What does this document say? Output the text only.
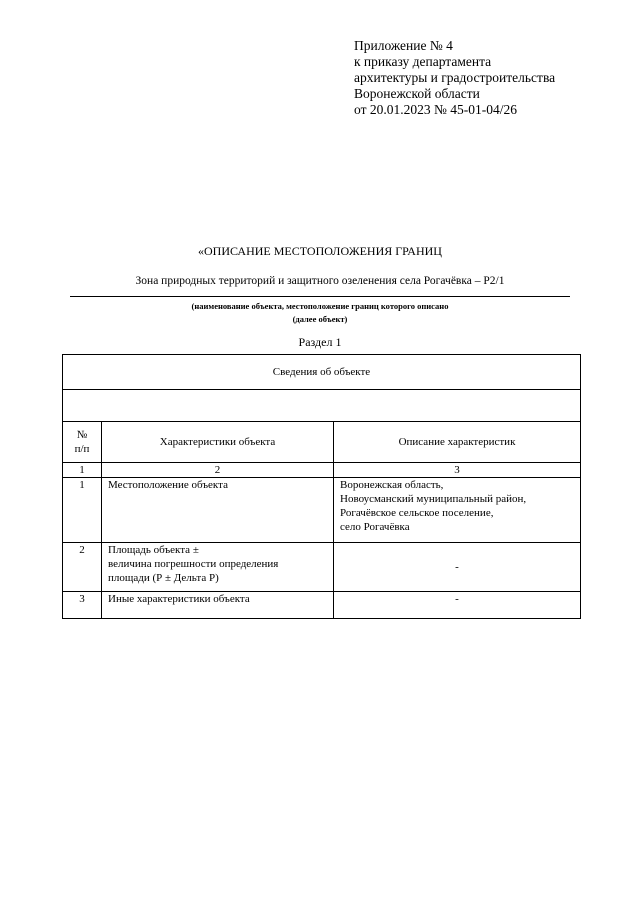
Приложение № 4
к приказу департамента
архитектуры и градостроительства
Воронежской области
от 20.01.2023 № 45-01-04/26
«ОПИСАНИЕ МЕСТОПОЛОЖЕНИЯ ГРАНИЦ
Зона природных территорий и защитного озеленения села Рогачёвка – Р2/1
(наименование объекта, местоположение границ которого описано
(далее объект)
Раздел 1
Сведения об объекте		

№
п/п	Характеристики объекта	Описание характеристик
1	2	3
1	Местоположение объекта	Воронежская область,
Новоусманский муниципальный район,
Рогачёвское сельское поселение,
село Рогачёвка

2	Площадь объекта ±
величина погрешности определения
площади (Р ± Дельта Р)	-
3	Иные характеристики объекта	-
